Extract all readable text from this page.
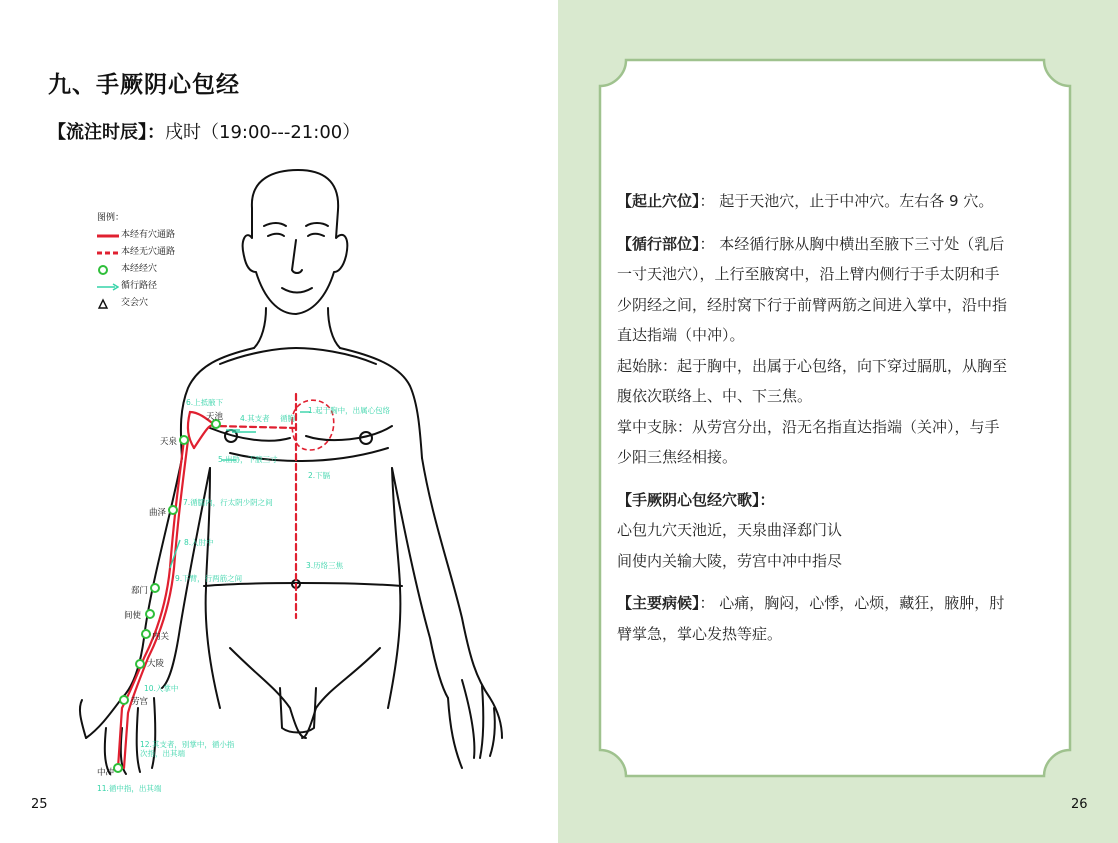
九、手厥阴心包经
【流注时辰】：戌时（19:00---21:00）
图例：
本经有穴通路
本经无穴通路
本经经穴
循行路径
交会穴
天池
天泉
曲泽
郄门
间使
内关
大陵
劳宫
中冲
1.起于胸中，出属心包络
2.下膈
3.历络三焦
4.其支者 循胸
5.出胁，下腋三寸
6.上抵腋下
7.循臑内，行太阴少阴之间
8.入肘中
9.下臂，行两筋之间
10.入掌中
11.循中指，出其端
12.其支者，别掌中，循小指次指，出其端
25	26

【起止穴位】： 起于天池穴，止于中冲穴。左右各 9 穴。

【循行部位】： 本经循行脉从胸中横出至腋下三寸处（乳后

一寸天池穴），上行至腋窝中，沿上臂内侧行于手太阴和手

少阴经之间，经肘窝下行于前臂两筋之间进入掌中，沿中指

直达指端（中冲）。

起始脉：起于胸中，出属于心包络，向下穿过膈肌，从胸至

腹依次联络上、中、下三焦。

掌中支脉：从劳宫分出，沿无名指直达指端（关冲），与手

少阳三焦经相接。

【手厥阴心包经穴歌】：

心包九穴天池近，天泉曲泽郄门认

间使内关输大陵，劳宫中冲中指尽

【主要病候】： 心痛，胸闷，心悸，心烦，藏狂，腋肿，肘

臂掌急，掌心发热等症。
